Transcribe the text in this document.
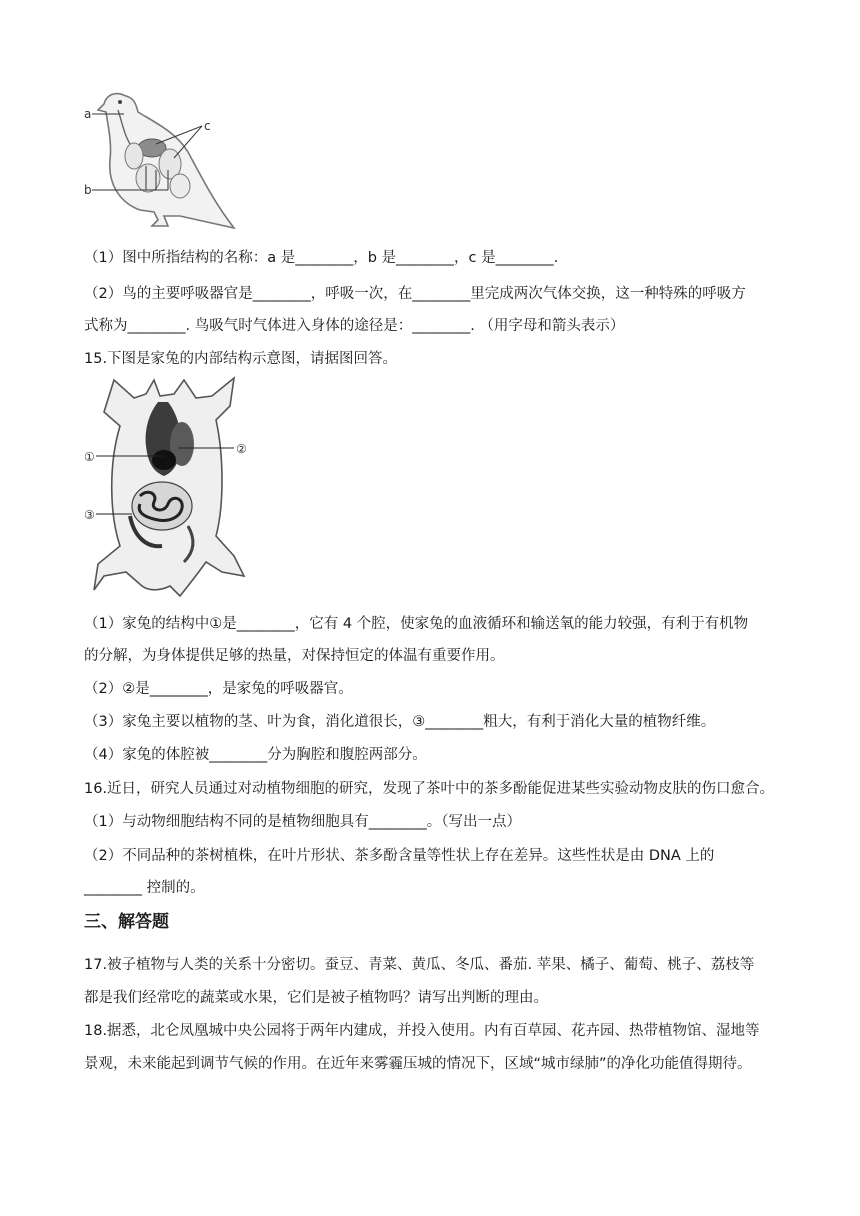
a
b
c
（1）图中所指结构的名称：a 是________，b 是________，c 是________.
（2）鸟的主要呼吸器官是________，呼吸一次，在________里完成两次气体交换，这一种特殊的呼吸方
式称为________. 鸟吸气时气体进入身体的途径是：________. （用字母和箭头表示）
15.下图是家兔的内部结构示意图，请据图回答。
①
②
③
（1）家兔的结构中①是________，它有 4 个腔，使家兔的血液循环和输送氧的能力较强，有利于有机物
的分解，为身体提供足够的热量，对保持恒定的体温有重要作用。
（2）②是________，是家兔的呼吸器官。
（3）家兔主要以植物的茎、叶为食，消化道很长，③________粗大，有利于消化大量的植物纤维。
（4）家兔的体腔被________分为胸腔和腹腔两部分。
16.近日，研究人员通过对动植物细胞的研究，发现了茶叶中的茶多酚能促进某些实验动物皮肤的伤口愈合。
（1）与动物细胞结构不同的是植物细胞具有________。（写出一点）
（2）不同品种的茶树植株，在叶片形状、茶多酚含量等性状上存在差异。这些性状是由 DNA 上的
________ 控制的。
三、解答题
17.被子植物与人类的关系十分密切。蚕豆、青菜、黄瓜、冬瓜、番茄. 苹果、橘子、葡萄、桃子、荔枝等
都是我们经常吃的蔬菜或水果，它们是被子植物吗？请写出判断的理由。
18.据悉，北仑凤凰城中央公园将于两年内建成，并投入使用。内有百草园、花卉园、热带植物馆、湿地等
景观，未来能起到调节气候的作用。在近年来雾霾压城的情况下，区域“城市绿肺”的净化功能值得期待。
